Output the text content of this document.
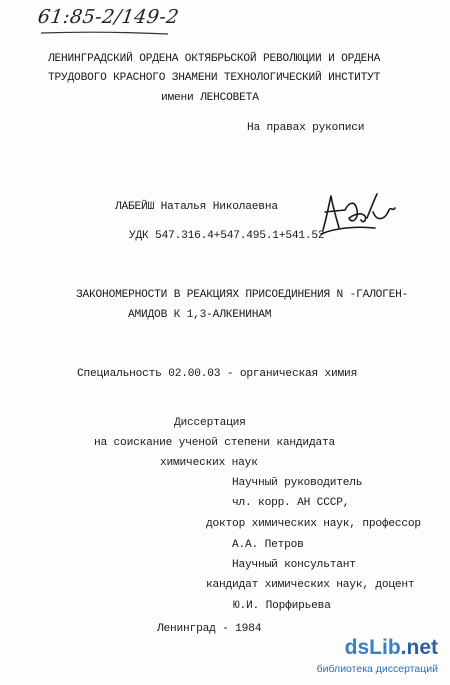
61:85-2/149-2
ЛЕНИНГРАДСКИЙ ОРДЕНА ОКТЯБРЬСКОЙ РЕВОЛЮЦИИ И ОРДЕНА
ТРУДОВОГО КРАСНОГО ЗНАМЕНИ ТЕХНОЛОГИЧЕСКИЙ ИНСТИТУТ
имени ЛЕНСОВЕТА
На правах рукописи
ЛАБЕЙШ Наталья Николаевна
УДК 547.316.4+547.495.1+541.52
ЗАКОНОМЕРНОСТИ В РЕАКЦИЯХ ПРИСОЕДИНЕНИЯ N -ГАЛОГЕН-
АМИДОВ К 1,3-АЛКЕНИНАМ
Специальность 02.00.03 - органическая химия
Диссертация
на соискание ученой степени кандидата
химических наук
Научный руководитель
чл. корр. АН СССР,
доктор химических наук, профессор
А.А. Петров
Научный консультант
кандидат химических наук, доцент
Ю.И. Порфирьева
Ленинград - 1984
dsLib.net
библиотека диссертаций
